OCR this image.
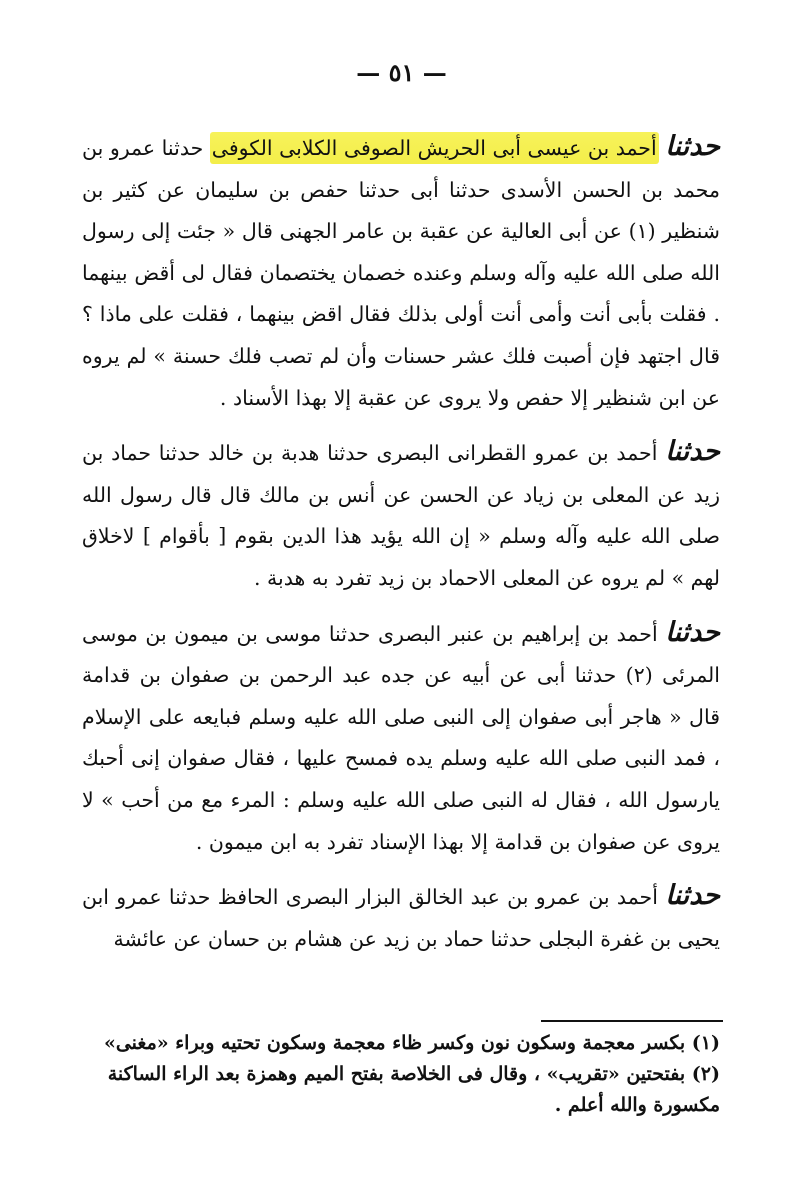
— ٥١ —

حدثنا أحمد بن عيسى أبى الحريش الصوفى الكلابى الكوفى حدثنا عمرو بن محمد بن الحسن الأسدى حدثنا أبى حدثنا حفص بن سليمان عن كثير بن شنظير (١) عن أبى العالية عن عقبة بن عامر الجهنى قال « جئت إلى رسول الله صلى الله عليه وآله وسلم وعنده خصمان يختصمان فقال لى أقض بينهما . فقلت بأبى أنت وأمى أنت أولى بذلك فقال اقض بينهما ، فقلت على ماذا ؟ قال اجتهد فإن أصبت فلك عشر حسنات وأن لم تصب فلك حسنة » لم يروه عن ابن شنظير إلا حفص ولا يروى عن عقبة إلا بهذا الأسناد .

حدثنا أحمد بن عمرو القطرانى البصرى حدثنا هدبة بن خالد حدثنا حماد بن زيد عن المعلى بن زياد عن الحسن عن أنس بن مالك قال قال رسول الله صلى الله عليه وآله وسلم « إن الله يؤيد هذا الدين بقوم [ بأقوام ] لاخلاق لهم » لم يروه عن المعلى الاحماد بن زيد تفرد به هدبة .

حدثنا أحمد بن إبراهيم بن عنبر البصرى حدثنا موسى بن ميمون بن موسى المرئى (٢) حدثنا أبى عن أبيه عن جده عبد الرحمن بن صفوان بن قدامة قال « هاجر أبى صفوان إلى النبى صلى الله عليه وسلم فبايعه على الإسلام ، فمد النبى صلى الله عليه وسلم يده فمسح عليها ، فقال صفوان إنى أحبك يارسول الله ، فقال له النبى صلى الله عليه وسلم : المرء مع من أحب » لا يروى عن صفوان بن قدامة إلا بهذا الإسناد تفرد به ابن ميمون .

حدثنا أحمد بن عمرو بن عبد الخالق البزار البصرى الحافظ حدثنا عمرو ابن يحيى بن غفرة البجلى حدثنا حماد بن زيد عن هشام بن حسان عن عائشة

(١) بكسر معجمة وسكون نون وكسر ظاء معجمة وسكون تحتيه وبراء «مغنى»

(٢) بفتحتين «تقريب» ، وقال فى الخلاصة بفتح الميم وهمزة بعد الراء الساكنة مكسورة والله أعلم .
